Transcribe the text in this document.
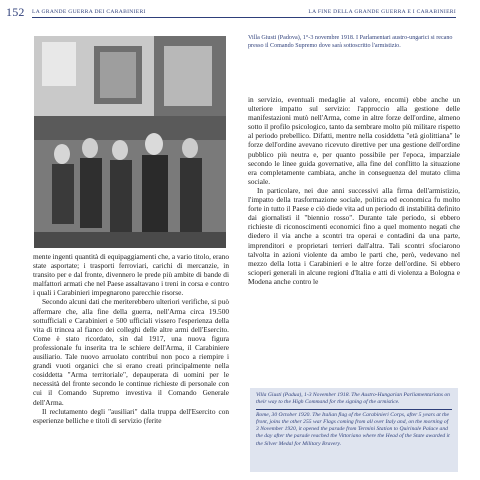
152 LA GRANDE GUERRA DEI CARABINIERI	LA FINE DELLA GRANDE GUERRA E I CARABINIERI
Villa Giusti (Padova), 1°-3 novembre 1918. I Parlamentari austro-ungarici si recano presso il Comando Supremo dove sarà sottoscritto l'armistizio.

mente ingenti quantità di equipaggiamenti che, a vario titolo, erano state asportate; i trasporti ferroviari, carichi di mercanzie, in transito per e dal fronte, divennero le prede più ambite di bande di malfattori armati che nel Paese assaltavano i treni in corsa e contro i quali i Carabinieri impegnarono parecchie risorse.

Secondo alcuni dati che meriterebbero ulteriori verifiche, si può affermare che, alla fine della guerra, nell'Arma circa 19.500 sottufficiali e Carabinieri e 500 ufficiali vissero l'esperienza della vita di trincea al fianco dei colleghi delle altre armi dell'Esercito. Come è stato ricordato, sin dal 1917, una nuova figura professionale fu inserita tra le schiere dell'Arma, il Carabiniere ausiliario. Tale nuovo arruolato contribuì non poco a riempire i grandi vuoti organici che si erano creati principalmente nella cosiddetta "Arma territoriale", depauperata di uomini per le necessità del fronte secondo le continue richieste di personale con cui il Comando Supremo investiva il Comando Generale dell'Arma.

Il reclutamento degli "ausiliari" dalla truppa dell'Esercito con esperienze belliche e titoli di servizio (ferite

in servizio, eventuali medaglie al valore, encomi) ebbe anche un ulteriore impatto sul servizio: l'approccio alla gestione delle manifestazioni mutò nell'Arma, come in altre forze dell'ordine, almeno sotto il profilo psicologico, tanto da sembrare molto più militare rispetto al periodo prebellico. Difatti, mentre nella cosiddetta "età giolittiana" le forze dell'ordine avevano ricevuto direttive per una gestione dell'ordine pubblico più neutra e, per quanto possibile per l'epoca, imparziale secondo le linee guida governative, alla fine del conflitto la situazione era completamente cambiata, anche in conseguenza del mutato clima sociale.

In particolare, nei due anni successivi alla firma dell'armistizio, l'impatto della trasformazione sociale, politica ed economica fu molto forte in tutto il Paese e ciò diede vita ad un periodo di instabilità definito dai giornalisti il "biennio rosso". Durante tale periodo, si ebbero richieste di riconoscimenti economici fino a quel momento negati che diedero il via anche a scontri tra operai e contadini da una parte, imprenditori e proprietari terrieri dall'altra. Tali scontri sfociarono talvolta in azioni violente da ambo le parti che, però, vedevano nel mezzo della lotta i Carabinieri e le altre forze dell'ordine. Si ebbero scioperi generali in alcune regioni d'Italia e atti di violenza a Bologna e Modena anche contro le

Villa Giusti (Padua), 1-3 November 1918. The Austro-Hungarian Parliamentarians on their way to the High Command for the signing of the armistice.

Rome, 30 October 1920. The Italian flag of the Carabinieri Corps, after 5 years at the front, joins the other 255 war Flags coming from all over Italy and, on the morning of 3 November 1920, it opened the parade from Termini Station to Quirinale Palace and the day after the parade reached the Vittoriano where the Head of the State awarded it the Silver Medal for Military Bravery.
